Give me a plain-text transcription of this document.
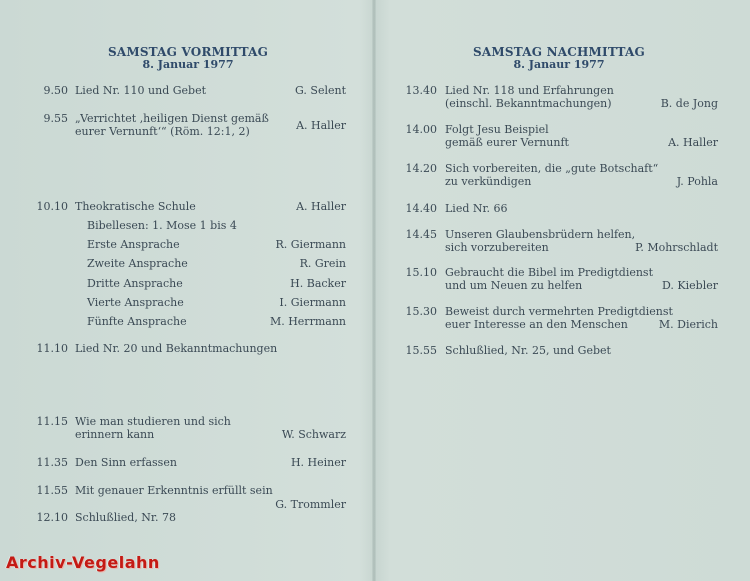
SAMSTAG VORMITTAG
8. Januar 1977
9.50 Lied Nr. 110 und Gebet	G. Selent
9.55 „Verrichtet ‚heiligen Dienst gemäß
eurer Vernunft‘“ (Röm. 12:1, 2)	A. Haller
10.10 Theokratische Schule	A. Haller
Bibellesen: 1. Mose 1 bis 4
Erste Ansprache	R. Giermann
Zweite Ansprache	R. Grein
Dritte Ansprache	H. Backer
Vierte Ansprache	I. Giermann
Fünfte Ansprache	M. Herrmann
11.10 Lied Nr. 20 und Bekanntmachungen
11.15 Wie man studieren und sich
erinnern kann	W. Schwarz
11.35 Den Sinn erfassen	H. Heiner
11.55 Mit genauer Erkenntnis erfüllt sein
G. Trommler
12.10 Schlußlied, Nr. 78
SAMSTAG NACHMITTAG
8. Janaur 1977
13.40 Lied Nr. 118 und Erfahrungen
(einschl. Bekanntmachungen)	B. de Jong
14.00 Folgt Jesu Beispiel
gemäß eurer Vernunft	A. Haller
14.20 Sich vorbereiten, die „gute Botschaft“
zu verkündigen	J. Pohla
14.40 Lied Nr. 66
14.45 Unseren Glaubensbrüdern helfen,
sich vorzubereiten	P. Mohrschladt
15.10 Gebraucht die Bibel im Predigtdienst
und um Neuen zu helfen	D. Kiebler
15.30 Beweist durch vermehrten Predigtdienst
euer Interesse an den Menschen	M. Dierich
15.55 Schlußlied, Nr. 25, und Gebet
Archiv-Vegelahn
